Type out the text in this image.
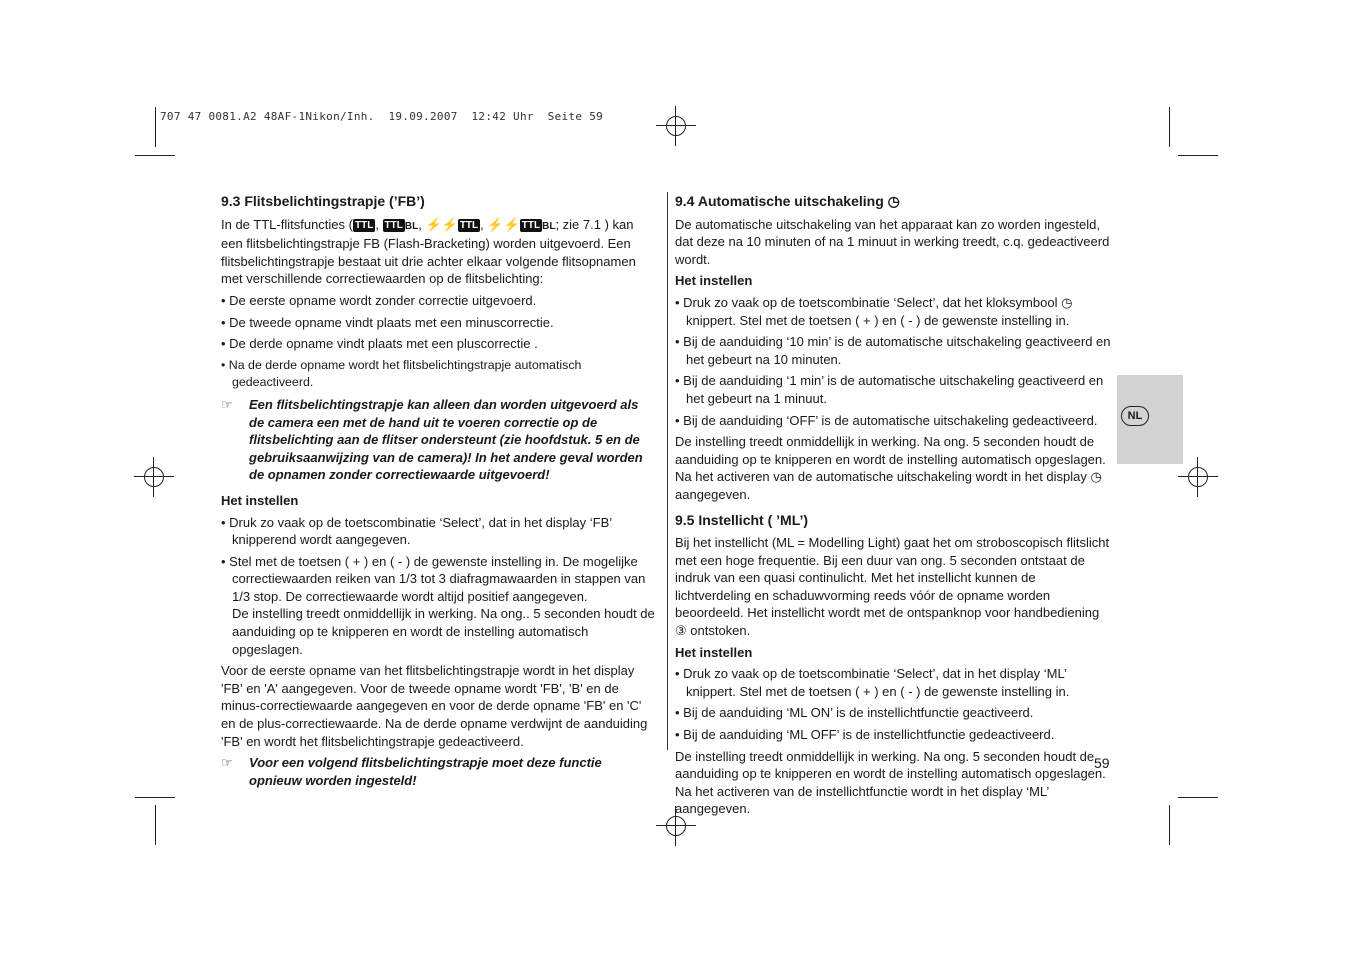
707 47 0081.A2 48AF-1Nikon/Inh.  19.09.2007  12:42 Uhr  Seite 59
9.3 Flitsbelichtingstrapje (’FB’)

In de TTL-flitsfuncties ( TTL , TTL BL, ⚡⚡ TTL , ⚡⚡ TTL BL; zie 7.1 ) kan een flitsbelichtingstrapje FB (Flash-Bracketing) worden uitgevoerd. Een flitsbelichtingstrapje bestaat uit drie achter elkaar volgende flitsopnamen met verschillende correctiewaarden op de flitsbelichting:

• De eerste opname wordt zonder correctie uitgevoerd.

• De tweede opname vindt plaats met een minuscorrectie.

• De derde opname vindt plaats met een pluscorrectie .

• Na de derde opname wordt het flitsbelichtingstrapje automatisch gedeactiveerd.

☞ Een flitsbelichtingstrapje kan alleen dan worden uitgevoerd als de camera een met de hand uit te voeren correctie op de flitsbelichting aan de flitser ondersteunt (zie hoofdstuk. 5 en de gebruiksaanwijzing van de camera)! In het andere geval worden de opnamen zonder correctiewaarde uitgevoerd!
Het instellen

• Druk zo vaak op de toetscombinatie ‘Select’, dat in het display ‘FB’ knipperend wordt aangegeven.

• Stel met de toetsen ( + ) en ( - ) de gewenste instelling in. De mogelijke correctiewaarden reiken van 1/3 tot 3 diafragmawaarden in stappen van 1/3 stop. De correctiewaarde wordt altijd positief aangegeven.

De instelling treedt onmiddellijk in werking. Na ong.. 5 seconden houdt de aanduiding op te knipperen en wordt de instelling automatisch opgeslagen.

Voor de eerste opname van het flitsbelichtingstrapje wordt in het display 'FB' en 'A' aangegeven. Voor de tweede opname wordt 'FB', 'B' en de minus-correctiewaarde aangegeven en voor de derde opname 'FB' en 'C' en de plus-correctiewaarde. Na de derde opname verdwijnt de aanduiding 'FB' en wordt het flitsbelichtingstrapje gedeactiveerd.

☞ Voor een volgend flitsbelichtingstrapje moet deze functie opnieuw worden ingesteld!
9.4 Automatische uitschakeling ◷

De automatische uitschakeling van het apparaat kan zo worden ingesteld, dat deze na 10 minuten of na 1 minuut in werking treedt, c.q. gedeactiveerd wordt.

Het instellen

• Druk zo vaak op de toetscombinatie ‘Select’, dat het kloksymbool ◷ knippert. Stel met de toetsen ( + ) en ( - ) de gewenste instelling in.

• Bij de aanduiding ‘10 min’ is de automatische uitschakeling geactiveerd en het gebeurt na 10 minuten.

• Bij de aanduiding ‘1 min’ is de automatische uitschakeling geactiveerd en het gebeurt na 1 minuut.

• Bij de aanduiding ‘OFF’ is de automatische uitschakeling gedeactiveerd.

De instelling treedt onmiddellijk in werking. Na ong. 5 seconden houdt de aanduiding op te knipperen en wordt de instelling automatisch opgeslagen. Na het activeren van de automatische uitschakeling wordt in het display ◷ aangegeven.

9.5 Instellicht ( ’ML’)

Bij het instellicht (ML = Modelling Light) gaat het om stroboscopisch flitslicht met een hoge frequentie. Bij een duur van ong. 5 seconden ontstaat de indruk van een quasi continulicht. Met het instellicht kunnen de lichtverdeling en schaduwvorming reeds vóór de opname worden beoordeeld. Het instellicht wordt met de ontspanknop voor handbediening ③ ontstoken.

Het instellen

• Druk zo vaak op de toetscombinatie ‘Select’, dat in het display ‘ML’ knippert. Stel met de toetsen ( + ) en ( - ) de gewenste instelling in.

• Bij de aanduiding ‘ML ON’ is de instellichtfunctie geactiveerd.

• Bij de aanduiding ‘ML OFF’ is de instellichtfunctie gedeactiveerd.

De instelling treedt onmiddellijk in werking. Na ong. 5 seconden houdt de aanduiding op te knipperen en wordt de instelling automatisch opgeslagen. Na het activeren van de instellichtfunctie wordt in het display ‘ML’ aangegeven.

NL
59
